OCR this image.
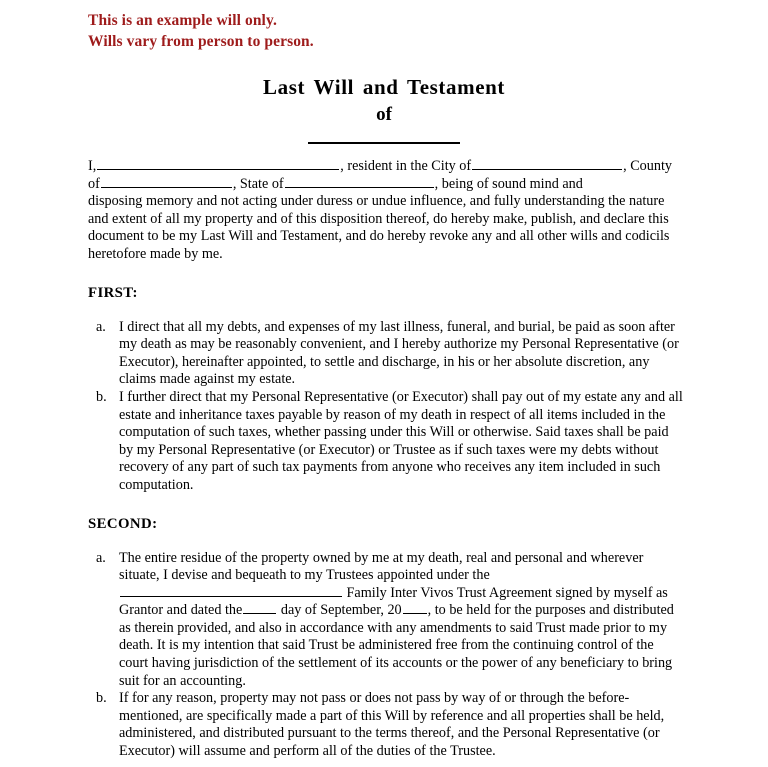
This is an example will only.
Wills vary from person to person.
Last Will and Testament
of

I,	, resident in the City of	, County
of	, State of	, being of sound mind and
disposing memory and not acting under duress or undue influence, and fully understanding the nature and extent of all my property and of this disposition thereof, do hereby make, publish, and declare this document to be my Last Will and Testament, and do hereby revoke any and all other wills and codicils heretofore made by me.

FIRST:

a. I direct that all my debts, and expenses of my last illness, funeral, and burial, be paid as soon after my death as may be reasonably convenient, and I hereby authorize my Personal Representative (or Executor), hereinafter appointed, to settle and discharge, in his or her absolute discretion, any claims made against my estate.
b. I further direct that my Personal Representative (or Executor) shall pay out of my estate any and all estate and inheritance taxes payable by reason of my death in respect of all items included in the computation of such taxes, whether passing under this Will or otherwise. Said taxes shall be paid by my Personal Representative (or Executor) or Trustee as if such taxes were my debts without recovery of any part of such tax payments from anyone who receives any item included in such computation.

SECOND:

a. The entire residue of the property owned by me at my death, real and personal and wherever situate, I devise and bequeath to my Trustees appointed under the  Family Inter Vivos Trust Agreement signed by myself as Grantor and dated the	day of September, 20 , to be held for the purposes and distributed as therein provided, and also in accordance with any amendments to said Trust made prior to my death. It is my intention that said Trust be administered free from the continuing control of the court having jurisdiction of the settlement of its accounts or the power of any beneficiary to bring suit for an accounting.
b. If for any reason, property may not pass or does not pass by way of or through the before-mentioned, are specifically made a part of this Will by reference and all properties shall be held, administered, and distributed pursuant to the terms thereof, and the Personal Representative (or Executor) will assume and perform all of the duties of the Trustee.
